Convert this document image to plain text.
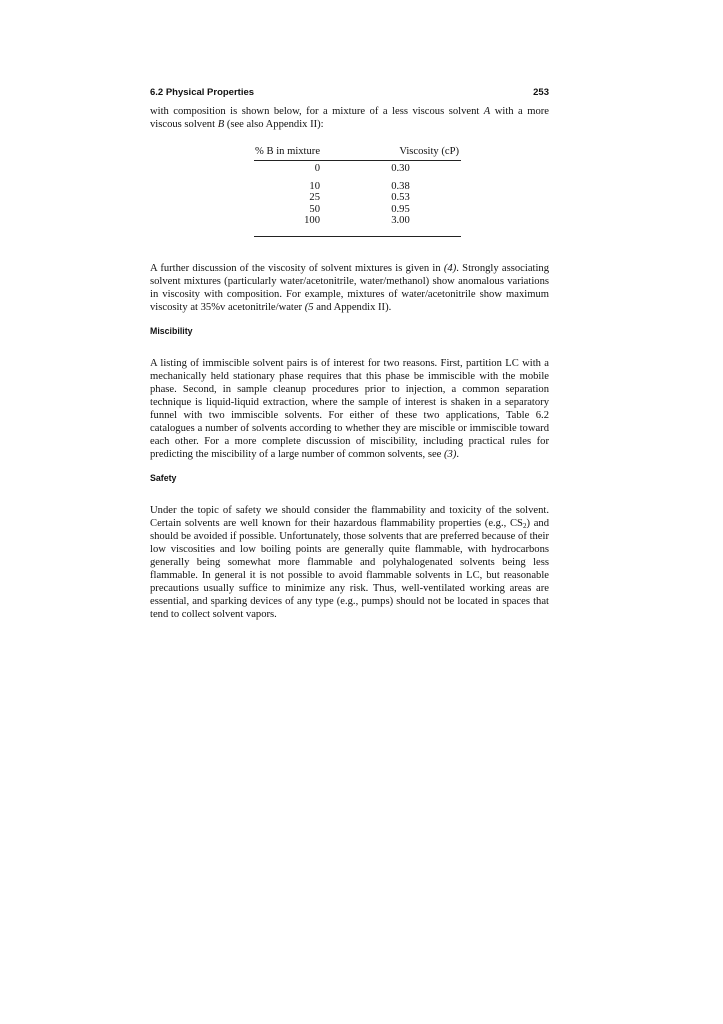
6.2 Physical Properties	253

with composition is shown below, for a mixture of a less viscous solvent A with a more viscous solvent B (see also Appendix II):

% B in mixture	Viscosity (cP)
0	0.30
10	0.38
25	0.53
50	0.95
100	3.00

A further discussion of the viscosity of solvent mixtures is given in (4). Strongly associating solvent mixtures (particularly water/acetonitrile, water/methanol) show anomalous variations in viscosity with composition. For example, mixtures of water/acetonitrile show maximum viscosity at 35%v acetonitrile/water (5 and Appendix II).

Miscibility

A listing of immiscible solvent pairs is of interest for two reasons. First, partition LC with a mechanically held stationary phase requires that this phase be immiscible with the mobile phase. Second, in sample cleanup procedures prior to injection, a common separation technique is liquid-liquid extraction, where the sample of interest is shaken in a separatory funnel with two immiscible solvents. For either of these two applications, Table 6.2 catalogues a number of solvents according to whether they are miscible or immiscible toward each other. For a more complete discussion of miscibility, including practical rules for predicting the miscibility of a large number of common solvents, see (3).

Safety

Under the topic of safety we should consider the flammability and toxicity of the solvent. Certain solvents are well known for their hazardous flammability properties (e.g., $CS_2$) and should be avoided if possible. Unfortunately, those solvents that are preferred because of their low viscosities and low boiling points are generally quite flammable, with hydrocarbons generally being somewhat more flammable and polyhalogenated solvents being less flammable. In general it is not possible to avoid flammable solvents in LC, but reasonable precautions usually suffice to minimize any risk. Thus, well-ventilated working areas are essential, and sparking devices of any type (e.g., pumps) should not be located in spaces that tend to collect solvent vapors.
